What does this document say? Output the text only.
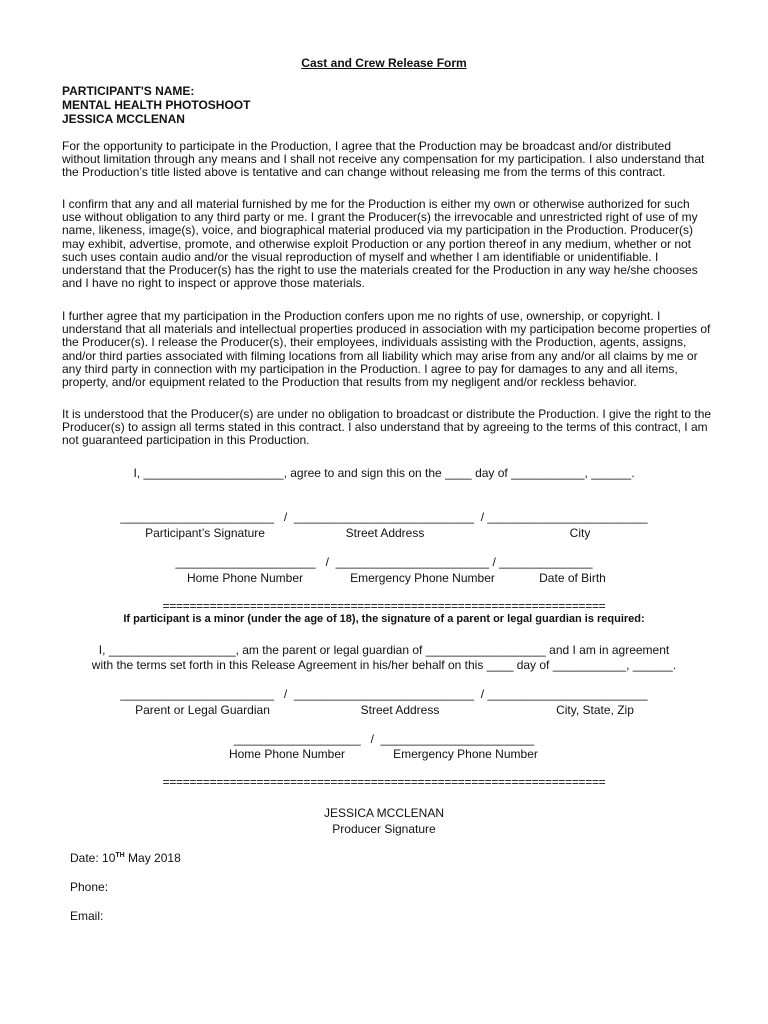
Cast and Crew Release Form
PARTICIPANT'S NAME:
MENTAL HEALTH PHOTOSHOOT
JESSICA MCCLENAN
For the opportunity to participate in the Production, I agree that the Production may be broadcast and/or distributed without limitation through any means and I shall not receive any compensation for my participation. I also understand that the Production’s title listed above is tentative and can change without releasing me from the terms of this contract.
I confirm that any and all material furnished by me for the Production is either my own or otherwise authorized for such use without obligation to any third party or me. I grant the Producer(s) the irrevocable and unrestricted right of use of my name, likeness, image(s), voice, and biographical material produced via my participation in the Production. Producer(s) may exhibit, advertise, promote, and otherwise exploit Production or any portion thereof in any medium, whether or not such uses contain audio and/or the visual reproduction of myself and whether I am identifiable or unidentifiable. I understand that the Producer(s) has the right to use the materials created for the Production in any way he/she chooses and I have no right to inspect or approve those materials.
I further agree that my participation in the Production confers upon me no rights of use, ownership, or copyright. I understand that all materials and intellectual properties produced in association with my participation become properties of the Producer(s). I release the Producer(s), their employees, individuals assisting with the Production, agents, assigns, and/or third parties associated with filming locations from all liability which may arise from any and/or all claims by me or any third party in connection with my participation in the Production. I agree to pay for damages to any and all items, property, and/or equipment related to the Production that results from my negligent and/or reckless behavior.
It is understood that the Producer(s) are under no obligation to broadcast or distribute the Production. I give the right to the Producer(s) to assign all terms stated in this contract. I also understand that by agreeing to the terms of this contract, I am not guaranteed participation in this Production.
I, _____________________, agree to and sign this on the ____ day of ___________, ______.
_______________________   /  ___________________________  / ________________________
Participant’s Signature	Street Address	City
_____________________   /  _______________________ / ______________
Home Phone Number	Emergency Phone Number	Date of Birth
==================================================================
If participant is a minor (under the age of 18), the signature of a parent or legal guardian is required:
I, ___________________, am the parent or legal guardian of __________________ and I am in agreement
with the terms set forth in this Release Agreement in his/her behalf on this ____ day of ___________, ______.
_______________________   /  ___________________________  / ________________________
Parent or Legal Guardian	Street Address	City, State, Zip
___________________   /  _______________________
Home Phone Number	Emergency Phone Number
==================================================================
JESSICA MCCLENAN
Producer Signature
Date: 10TH May 2018
Phone:
Email:
